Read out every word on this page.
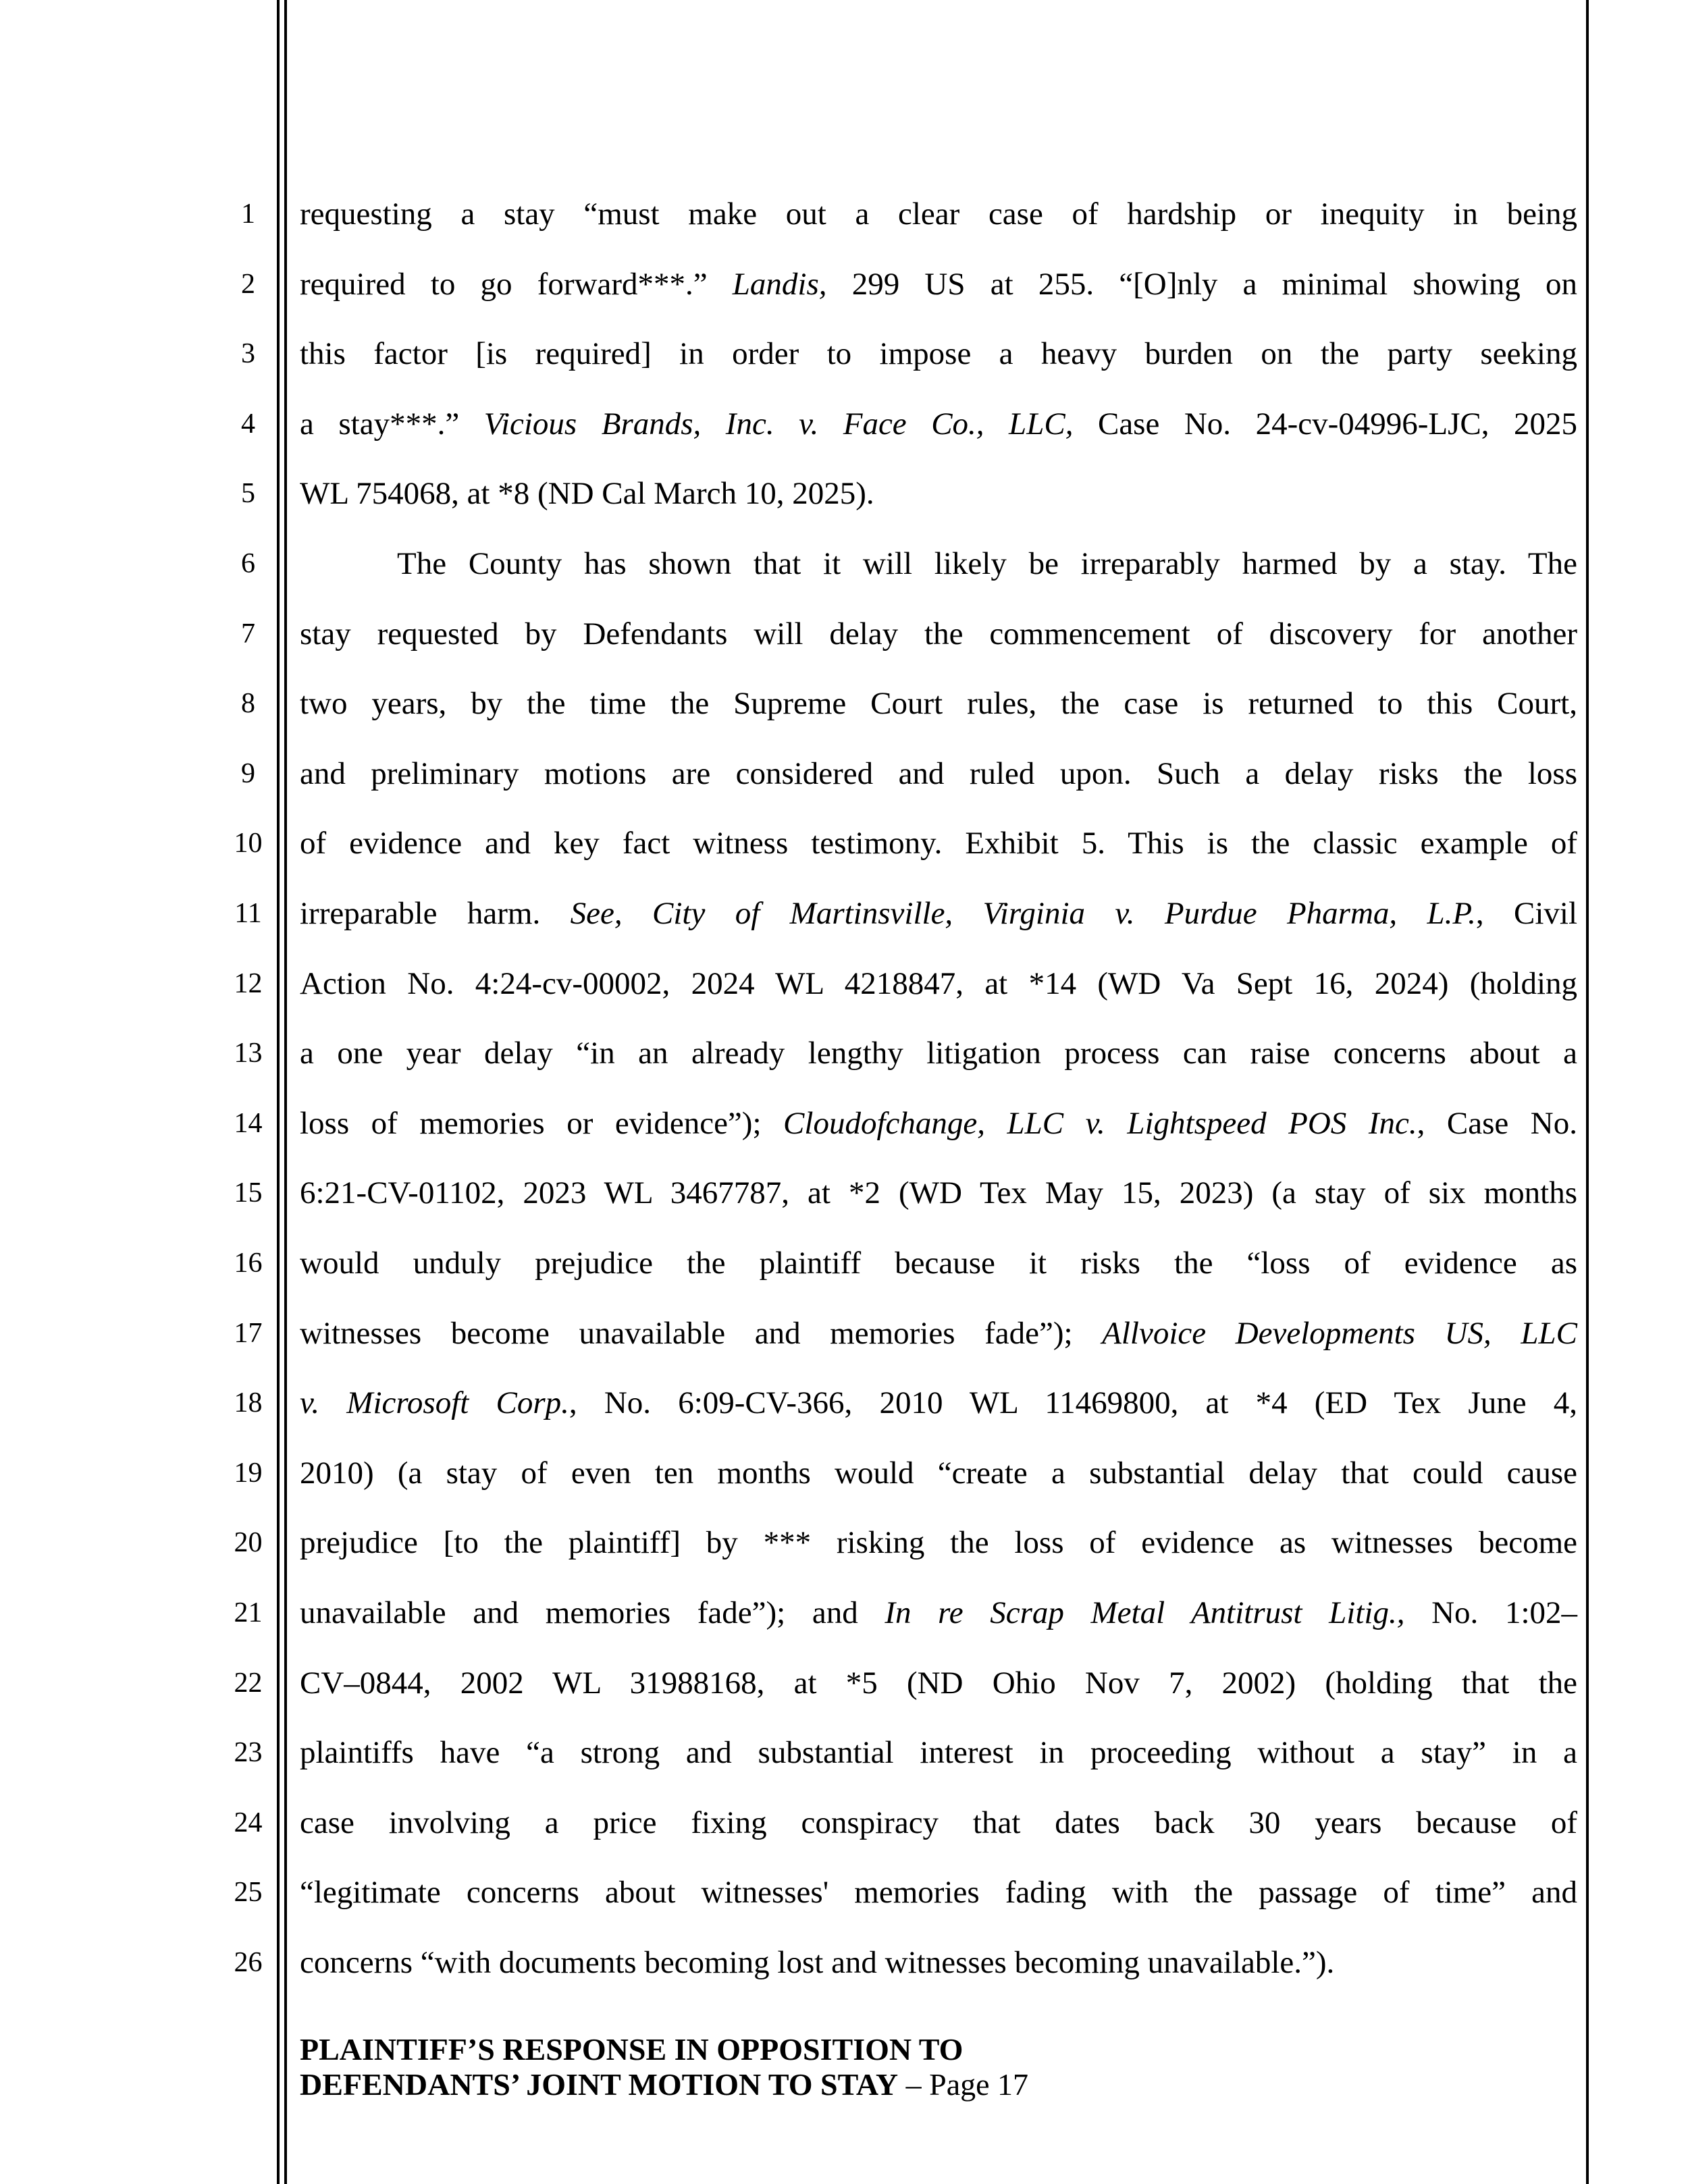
1	requesting a stay “must make out a clear case of hardship or inequity in being
2	required to go forward***.” Landis, 299 US at 255. “[O]nly a minimal showing on
3	this factor [is required] in order to impose a heavy burden on the party seeking
4	a stay***.” Vicious Brands, Inc. v. Face Co., LLC, Case No. 24-cv-04996-LJC, 2025
5	WL 754068, at *8 (ND Cal March 10, 2025).
6	The County has shown that it will likely be irreparably harmed by a stay. The
7	stay requested by Defendants will delay the commencement of discovery for another
8	two years, by the time the Supreme Court rules, the case is returned to this Court,
9	and preliminary motions are considered and ruled upon. Such a delay risks the loss
10	of evidence and key fact witness testimony. Exhibit 5. This is the classic example of
11	irreparable harm. See, City of Martinsville, Virginia v. Purdue Pharma, L.P., Civil
12	Action No. 4:24-cv-00002, 2024 WL 4218847, at *14 (WD Va Sept 16, 2024) (holding
13	a one year delay “in an already lengthy litigation process can raise concerns about a
14	loss of memories or evidence”); Cloudofchange, LLC v. Lightspeed POS Inc., Case No.
15	6:21-CV-01102, 2023 WL 3467787, at *2 (WD Tex May 15, 2023) (a stay of six months
16	would unduly prejudice the plaintiff because it risks the “loss of evidence as
17	witnesses become unavailable and memories fade”); Allvoice Developments US, LLC
18	v. Microsoft Corp., No. 6:09-CV-366, 2010 WL 11469800, at *4 (ED Tex June 4,
19	2010) (a stay of even ten months would “create a substantial delay that could cause
20	prejudice [to the plaintiff] by *** risking the loss of evidence as witnesses become
21	unavailable and memories fade”); and In re Scrap Metal Antitrust Litig., No. 1:02–
22	CV–0844, 2002 WL 31988168, at *5 (ND Ohio Nov 7, 2002) (holding that the
23	plaintiffs have “a strong and substantial interest in proceeding without a stay” in a
24	case involving a price fixing conspiracy that dates back 30 years because of
25	“legitimate concerns about witnesses' memories fading with the passage of time” and
26	concerns “with documents becoming lost and witnesses becoming unavailable.”).
PLAINTIFF’S RESPONSE IN OPPOSITION TO
DEFENDANTS’ JOINT MOTION TO STAY – Page 17
